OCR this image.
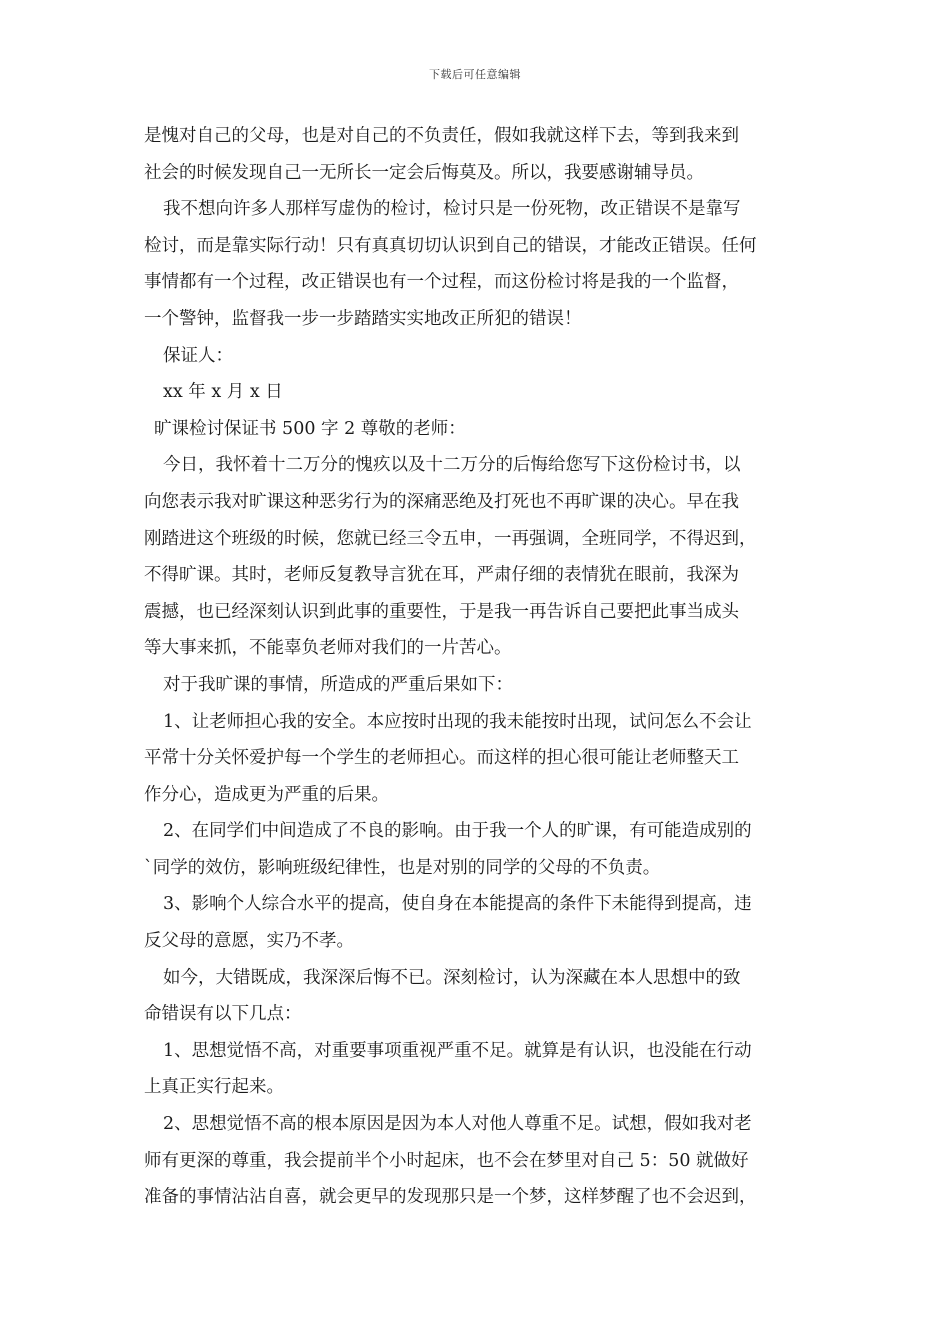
下载后可任意编辑
是愧对自己的父母，也是对自己的不负责任，假如我就这样下去，等到我来到
社会的时候发现自己一无所长一定会后悔莫及。所以，我要感谢辅导员。
我不想向许多人那样写虚伪的检讨，检讨只是一份死物，改正错误不是靠写
检讨，而是靠实际行动！只有真真切切认识到自己的错误，才能改正错误。任何
事情都有一个过程，改正错误也有一个过程，而这份检讨将是我的一个监督，
一个警钟，监督我一步一步踏踏实实地改正所犯的错误！
保证人：
xx 年 x 月 x 日
旷课检讨保证书 500 字 2 尊敬的老师：
今日，我怀着十二万分的愧疚以及十二万分的后悔给您写下这份检讨书，以
向您表示我对旷课这种恶劣行为的深痛恶绝及打死也不再旷课的决心。早在我
刚踏进这个班级的时候，您就已经三令五申，一再强调，全班同学，不得迟到，
不得旷课。其时，老师反复教导言犹在耳，严肃仔细的表情犹在眼前，我深为
震撼，也已经深刻认识到此事的重要性，于是我一再告诉自己要把此事当成头
等大事来抓，不能辜负老师对我们的一片苦心。
对于我旷课的事情，所造成的严重后果如下：
1、让老师担心我的安全。本应按时出现的我未能按时出现，试问怎么不会让
平常十分关怀爱护每一个学生的老师担心。而这样的担心很可能让老师整天工
作分心，造成更为严重的后果。
2、在同学们中间造成了不良的影响。由于我一个人的旷课，有可能造成别的
`同学的效仿，影响班级纪律性，也是对别的同学的父母的不负责。
3、影响个人综合水平的提高，使自身在本能提高的条件下未能得到提高，违
反父母的意愿，实乃不孝。
如今，大错既成，我深深后悔不已。深刻检讨，认为深藏在本人思想中的致
命错误有以下几点：
1、思想觉悟不高，对重要事项重视严重不足。就算是有认识，也没能在行动
上真正实行起来。
2、思想觉悟不高的根本原因是因为本人对他人尊重不足。试想，假如我对老
师有更深的尊重，我会提前半个小时起床，也不会在梦里对自己 5：50 就做好
准备的事情沾沾自喜，就会更早的发现那只是一个梦，这样梦醒了也不会迟到，
